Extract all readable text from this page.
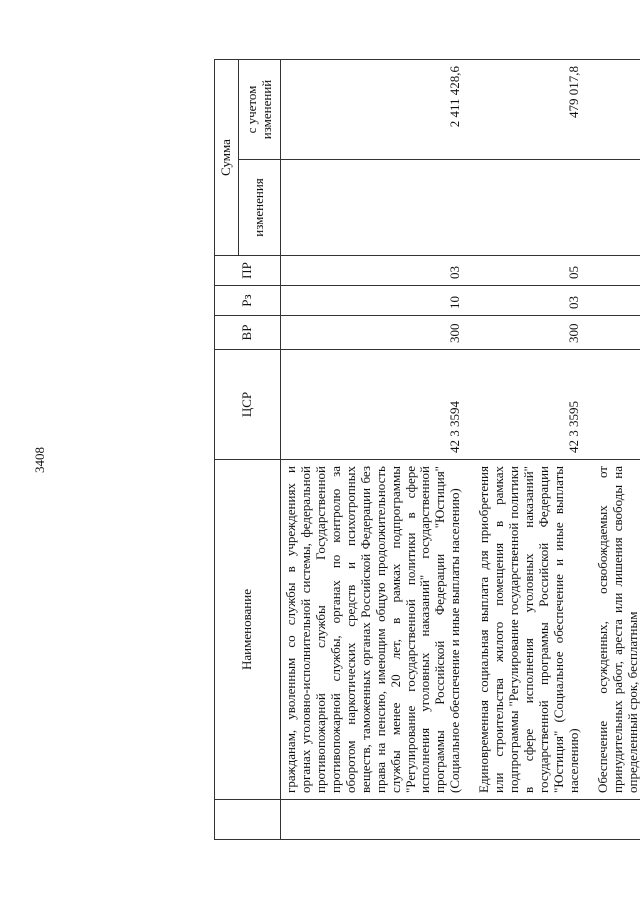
3408
	Наименование	ЦСР	ВР	Рз	ПР	Сумма	
						изменения	с учетом изменений
	гражданам, уволенным со службы в учреждениях и органах уголовно-исполнительной системы, федеральной противопожарной службы Государственной противопожарной службы, органах по контролю за оборотом наркотических средств и психотропных веществ, таможенных органах Российской Федерации без права на пенсию, имеющим общую продолжительность службы менее 20 лет, в рамках подпрограммы "Регулирование государственной политики в сфере исполнения уголовных наказаний" государственной программы Российской Федерации "Юстиция" (Социальное обеспечение и иные выплаты населению)	42 3 3594	300	10	03		2 411 428,6
	Единовременная социальная выплата для приобретения или строительства жилого помещения в рамках подпрограммы "Регулирование государственной политики в сфере исполнения уголовных наказаний" государственной программы Российской Федерации "Юстиция" (Социальное обеспечение и иные выплаты населению)	42 3 3595	300	03	05		479 017,8
	Обеспечение осужденных, освобождаемых от принудительных работ, ареста или лишения свободы на определенный срок, бесплатным						
